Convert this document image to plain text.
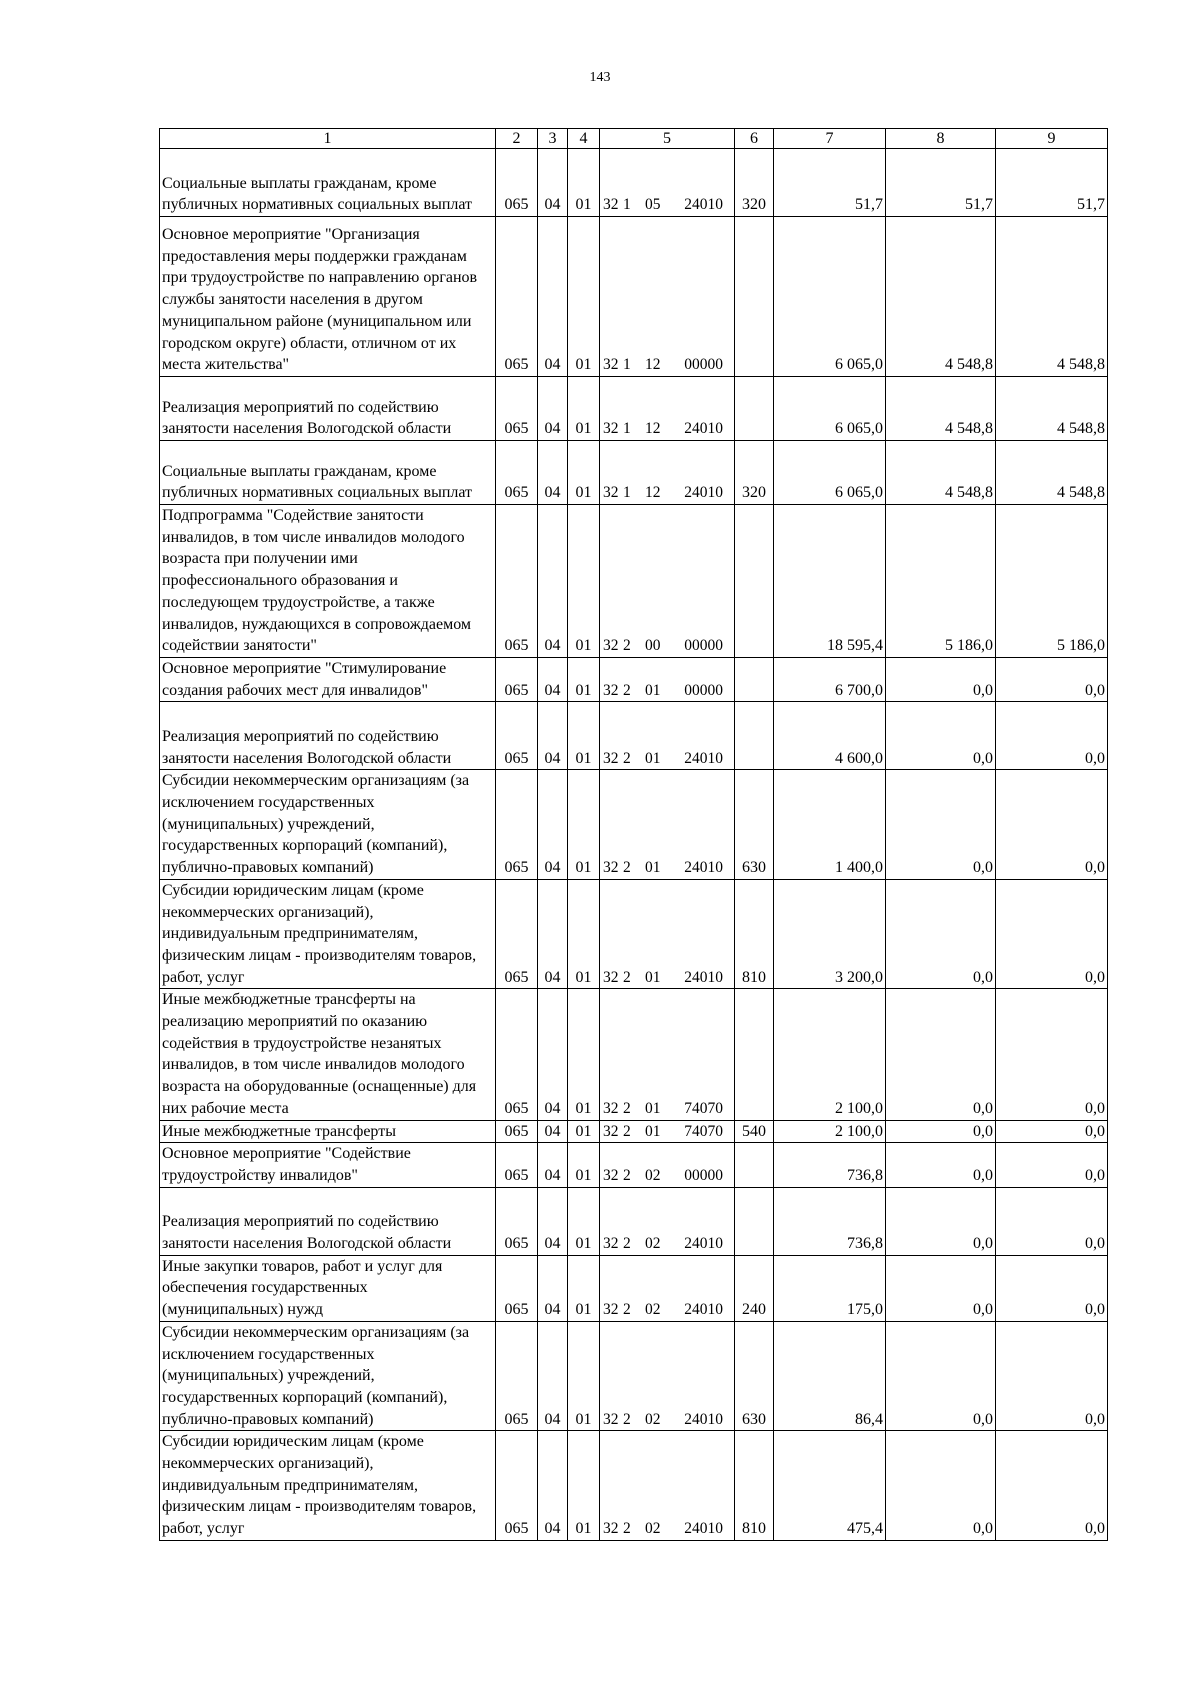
143
1	2	3	4	5	6	7	8	9
Социальные выплаты гражданам, кроме публичных нормативных социальных выплат	065	04	01	32 1 05 24010	320	51,7	51,7	51,7
Основное мероприятие "Организация предоставления меры поддержки гражданам при трудоустройстве по направлению органов службы занятости населения в другом муниципальном районе (муниципальном или городском округе) области, отличном от их места жительства"	065	04	01	32 1 12 00000		6 065,0	4 548,8	4 548,8
Реализация мероприятий по содействию занятости населения Вологодской области	065	04	01	32 1 12 24010		6 065,0	4 548,8	4 548,8
Социальные выплаты гражданам, кроме публичных нормативных социальных выплат	065	04	01	32 1 12 24010	320	6 065,0	4 548,8	4 548,8
Подпрограмма "Содействие занятости инвалидов, в том числе инвалидов молодого возраста при получении ими профессионального образования и последующем трудоустройстве, а также инвалидов, нуждающихся в сопровождаемом содействии занятости"	065	04	01	32 2 00 00000		18 595,4	5 186,0	5 186,0
Основное мероприятие "Стимулирование создания рабочих мест для инвалидов"	065	04	01	32 2 01 00000		6 700,0	0,0	0,0
Реализация мероприятий по содействию занятости населения Вологодской области	065	04	01	32 2 01 24010		4 600,0	0,0	0,0
Субсидии некоммерческим организациям (за исключением государственных (муниципальных) учреждений, государственных корпораций (компаний), публично-правовых компаний)	065	04	01	32 2 01 24010	630	1 400,0	0,0	0,0
Субсидии юридическим лицам (кроме некоммерческих организаций), индивидуальным предпринимателям, физическим лицам - производителям товаров, работ, услуг	065	04	01	32 2 01 24010	810	3 200,0	0,0	0,0
Иные межбюджетные трансферты на реализацию мероприятий по оказанию содействия в трудоустройстве незанятых инвалидов, в том числе инвалидов молодого возраста на оборудованные (оснащенные) для них рабочие места	065	04	01	32 2 01 74070		2 100,0	0,0	0,0
Иные межбюджетные трансферты	065	04	01	32 2 01 74070	540	2 100,0	0,0	0,0
Основное мероприятие "Содействие трудоустройству инвалидов"	065	04	01	32 2 02 00000		736,8	0,0	0,0
Реализация мероприятий по содействию занятости населения Вологодской области	065	04	01	32 2 02 24010		736,8	0,0	0,0
Иные закупки товаров, работ и услуг для обеспечения государственных (муниципальных) нужд	065	04	01	32 2 02 24010	240	175,0	0,0	0,0
Субсидии некоммерческим организациям (за исключением государственных (муниципальных) учреждений, государственных корпораций (компаний), публично-правовых компаний)	065	04	01	32 2 02 24010	630	86,4	0,0	0,0
Субсидии юридическим лицам (кроме некоммерческих организаций), индивидуальным предпринимателям, физическим лицам - производителям товаров, работ, услуг	065	04	01	32 2 02 24010	810	475,4	0,0	0,0
